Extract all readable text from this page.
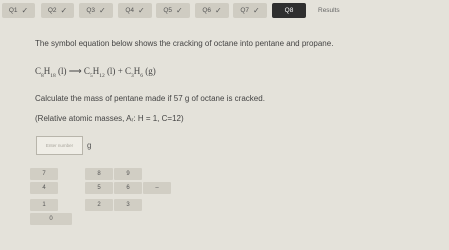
Q1 ✓	Q2 ✓	Q3 ✓	Q4 ✓	Q5 ✓	Q6 ✓	Q7 ✓	Q8	Results
The symbol equation below shows the cracking of octane into pentane and propane.
$C_8H_{18}$ (l) ⟶ $C_5H_{12}$ $(l) + C_3H_6$ (g)
Calculate the mass of pentane made if 57 g of octane is cracked.
(Relative atomic masses, Aᵣ: H = 1, C=12)
Enter number g
7	8	9
4	5	6	–
1	2	3
0
